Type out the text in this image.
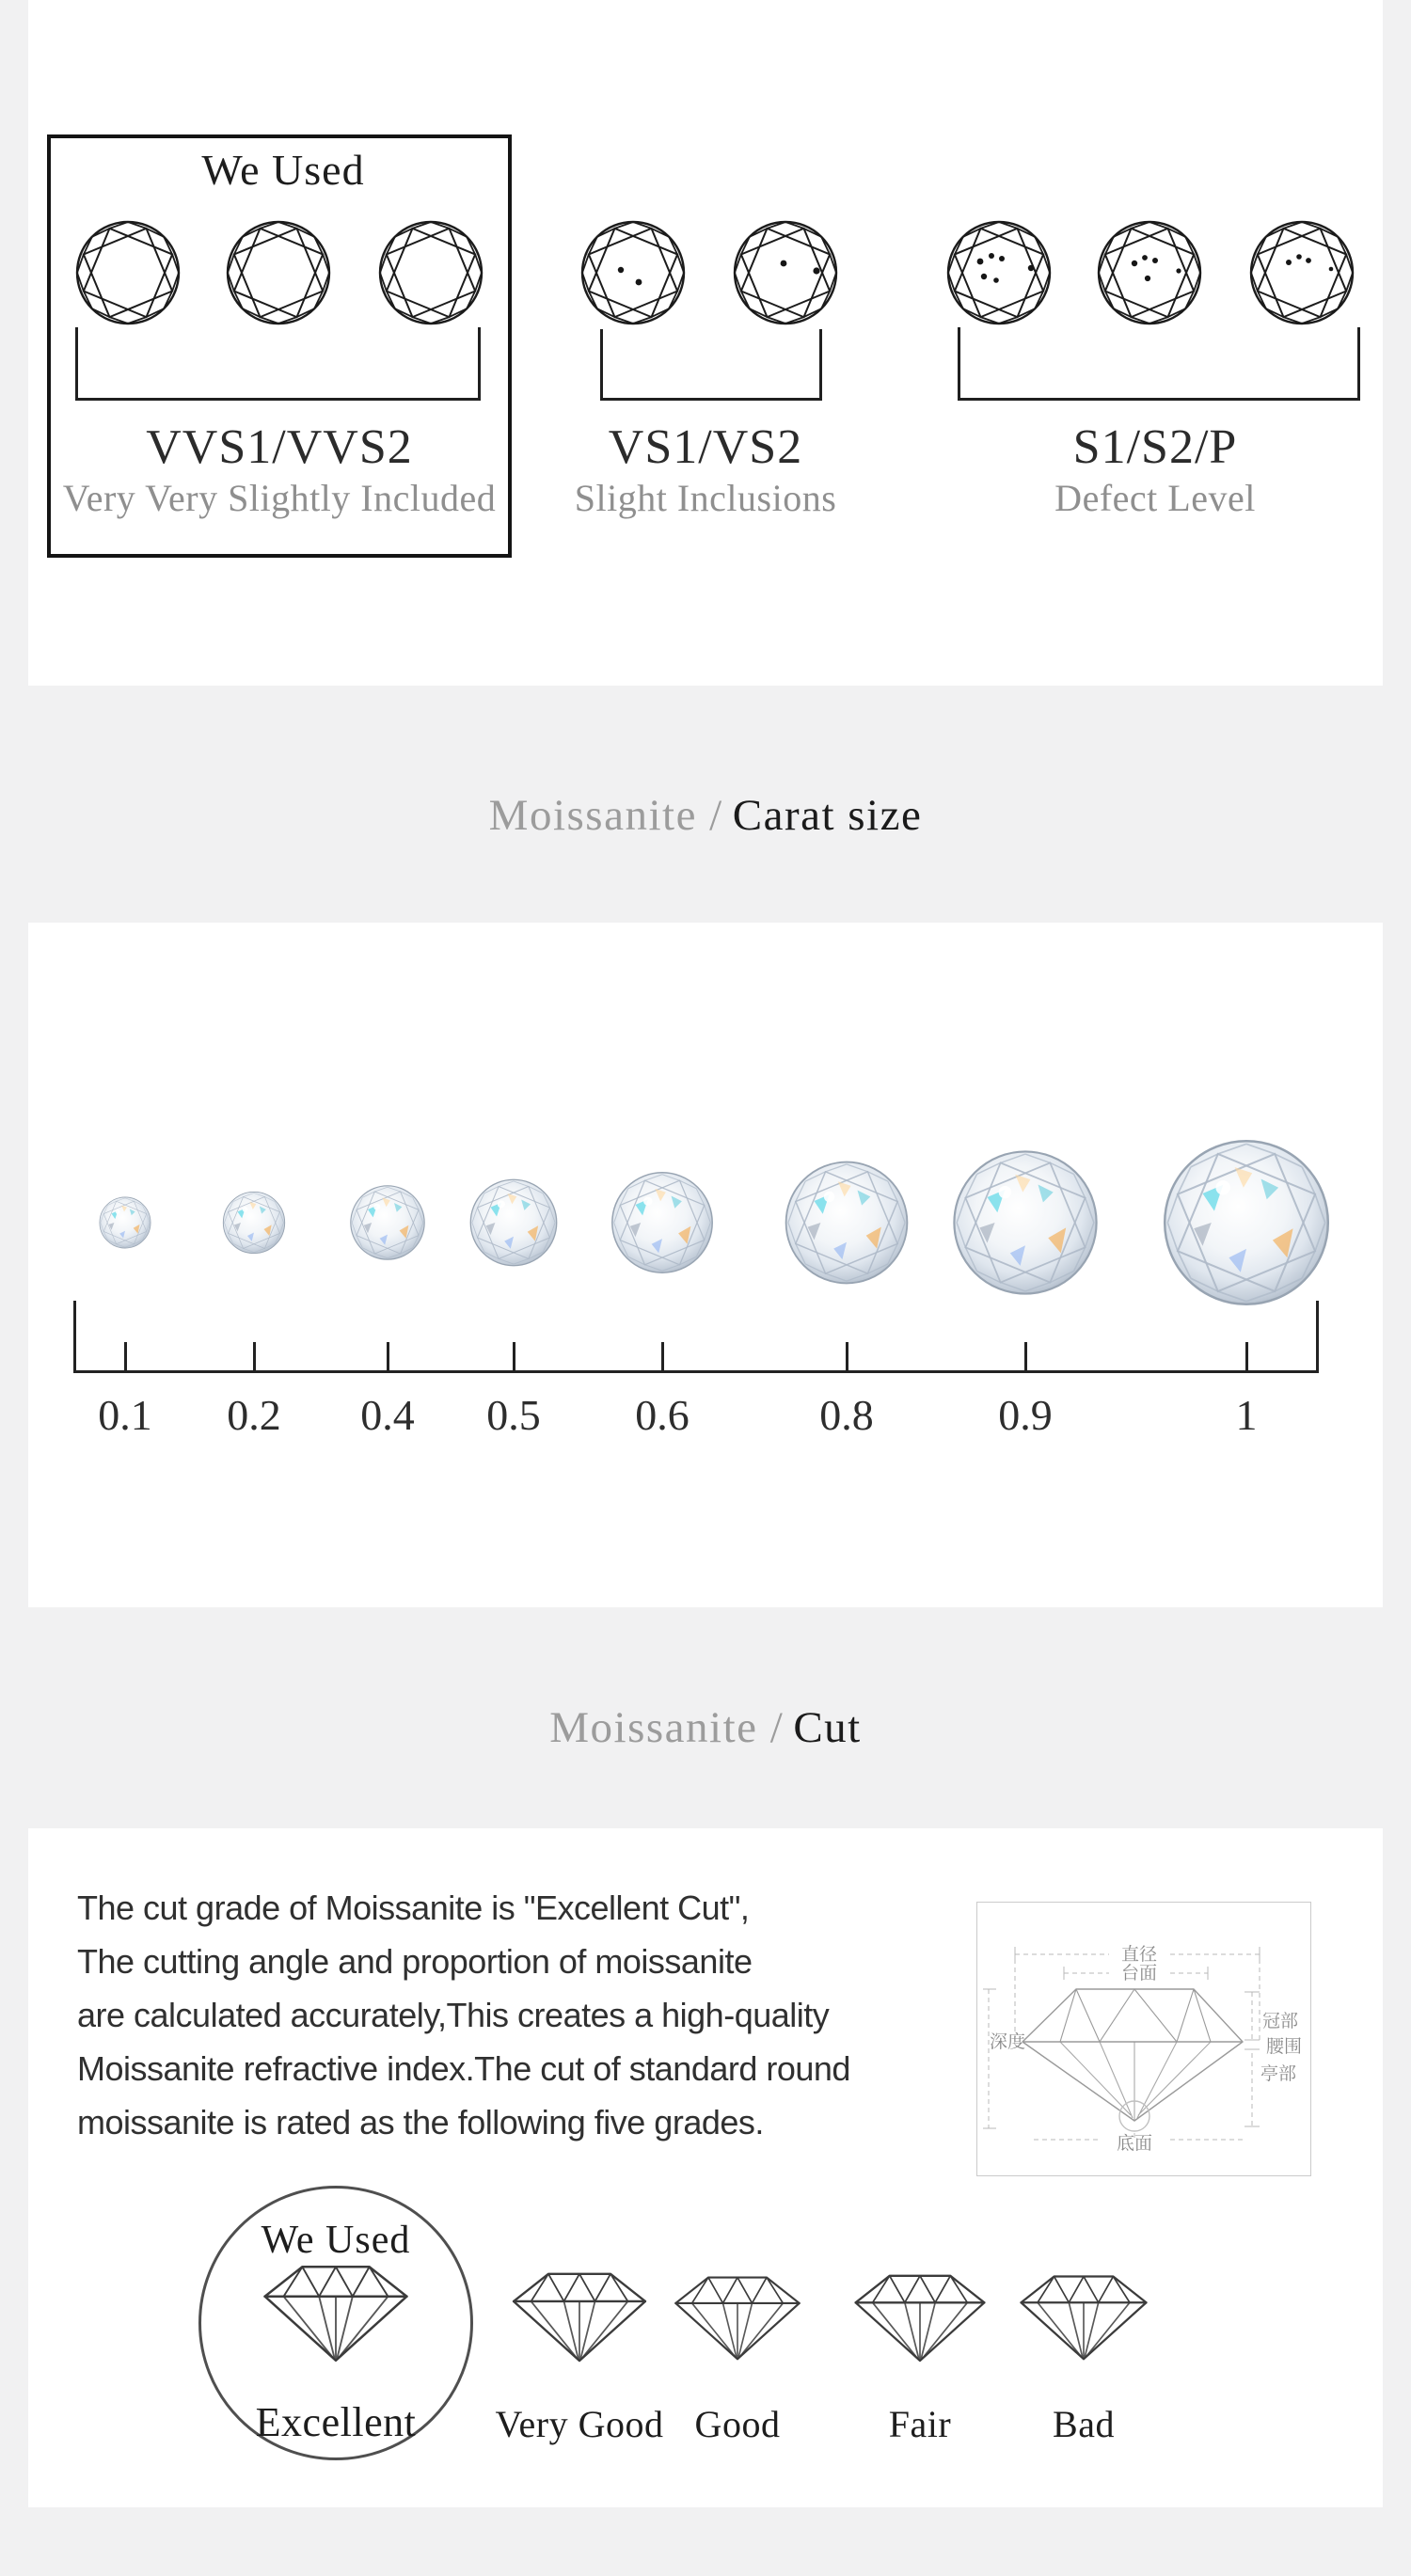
We Used
VVS1/VVS2
Very Very Slightly Included
VS1/VS2
Slight Inclusions
S1/S2/P
Defect Level
Moissanite / Carat size
0.1 0.2 0.4 0.5 0.6	0.8	0.9	1
Moissanite / Cut
The cut grade of Moissanite is "Excellent Cut",
The cutting angle and proportion of moissanite
are calculated accurately,This creates a high-quality
Moissanite refractive index.The cut of standard round
moissanite is rated as the following five grades.
直径
台面
深度
冠部
腰围
亭部
底面
We Used
Excellent Very Good Good	Fair	Bad
